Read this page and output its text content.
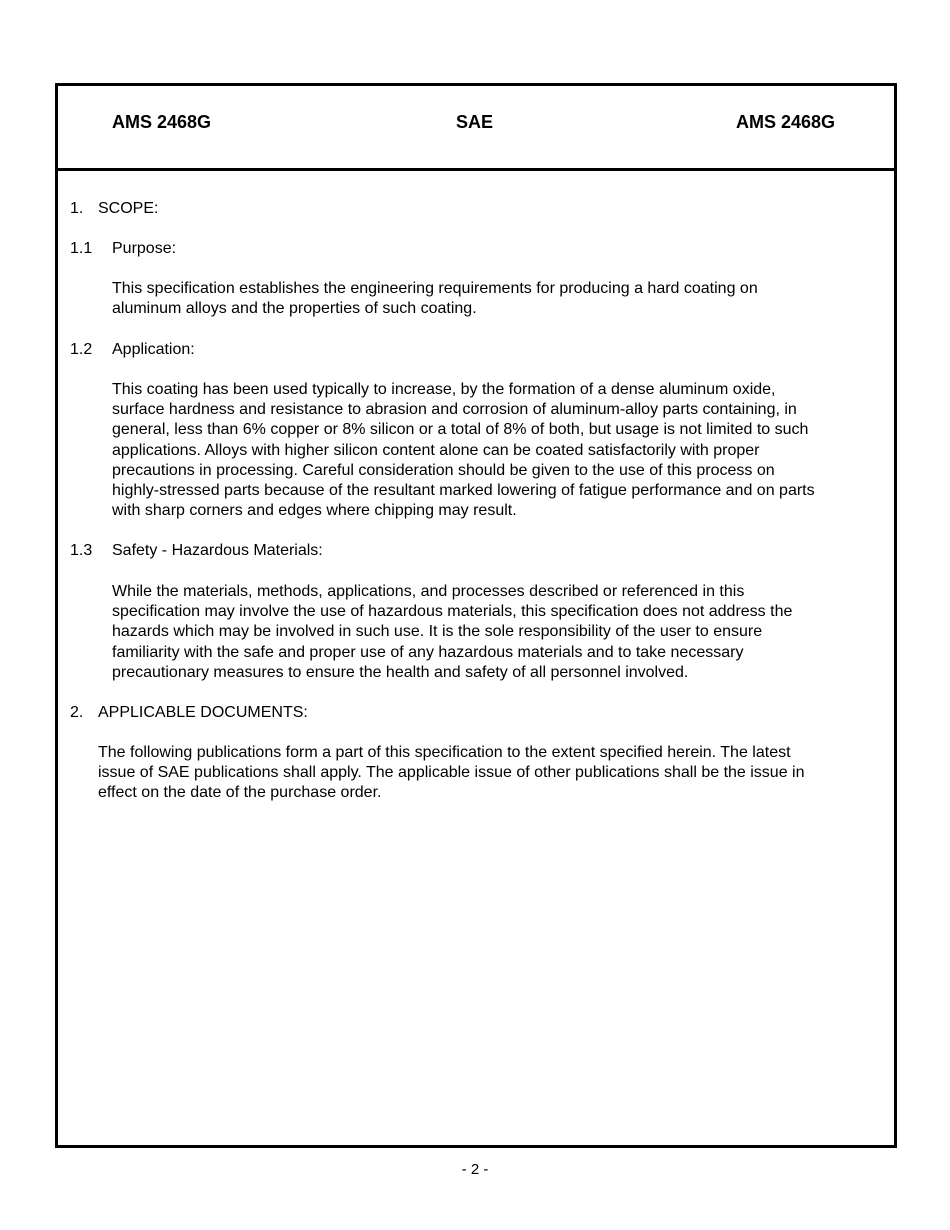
AMS 2468G	SAE	AMS 2468G
1. SCOPE:
1.1 Purpose:
This specification establishes the engineering requirements for producing a hard coating on
aluminum alloys and the properties of such coating.
1.2 Application:
This coating has been used typically to increase, by the formation of a dense aluminum oxide,
surface hardness and resistance to abrasion and corrosion of aluminum-alloy parts containing, in
general, less than 6% copper or 8% silicon or a total of 8% of both, but usage is not limited to such
applications. Alloys with higher silicon content alone can be coated satisfactorily with proper
precautions in processing. Careful consideration should be given to the use of this process on
highly-stressed parts because of the resultant marked lowering of fatigue performance and on parts
with sharp corners and edges where chipping may result.
1.3 Safety - Hazardous Materials:
While the materials, methods, applications, and processes described or referenced in this
specification may involve the use of hazardous materials, this specification does not address the
hazards which may be involved in such use. It is the sole responsibility of the user to ensure
familiarity with the safe and proper use of any hazardous materials and to take necessary
precautionary measures to ensure the health and safety of all personnel involved.
2. APPLICABLE DOCUMENTS:
The following publications form a part of this specification to the extent specified herein. The latest
issue of SAE publications shall apply. The applicable issue of other publications shall be the issue in
effect on the date of the purchase order.
- 2 -
